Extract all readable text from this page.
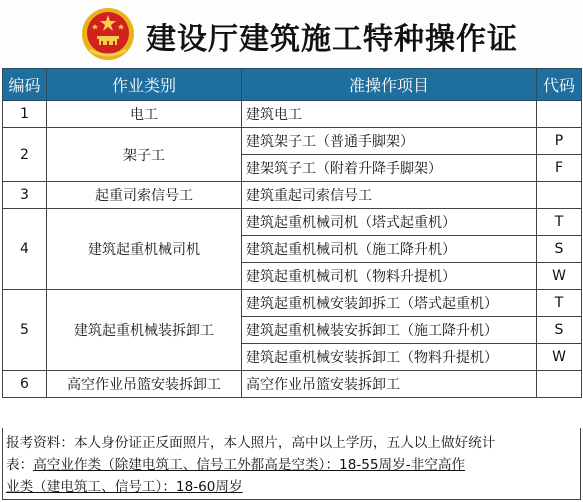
建设厅建筑施工特种操作证
编码	作业类别	准操作项目	代码
1	电工	建筑电工	
2	架子工	建筑架子工（普通手脚架）	P
		建架筑子工（附着升降手脚架）	F
3	起重司索信号工	建筑重起司索信号工	
4	建筑起重机械司机	建筑起重机械司机（塔式起重机）	T
		建筑起重机械司机（施工降升机）	S
		建筑起重机械司机（物料升提机）	W
5	建筑起重机械装拆卸工	建筑起重机械安装卸拆工（塔式起重机）	T
		建筑起重机械装安拆卸工（施工降升机）	S
		建筑起重机械安装拆卸工（物料升提机）	W
6	高空作业吊篮安装拆卸工	高空作业吊篮安装拆卸工	
报考资料：本人身份证正反面照片，本人照片，高中以上学历，五人以上做好统计
表：高空业作类（除建电筑工、信号工外都高是空类）：18-55周岁-非空高作
业类（建电筑工、信号工）：18-60周岁
